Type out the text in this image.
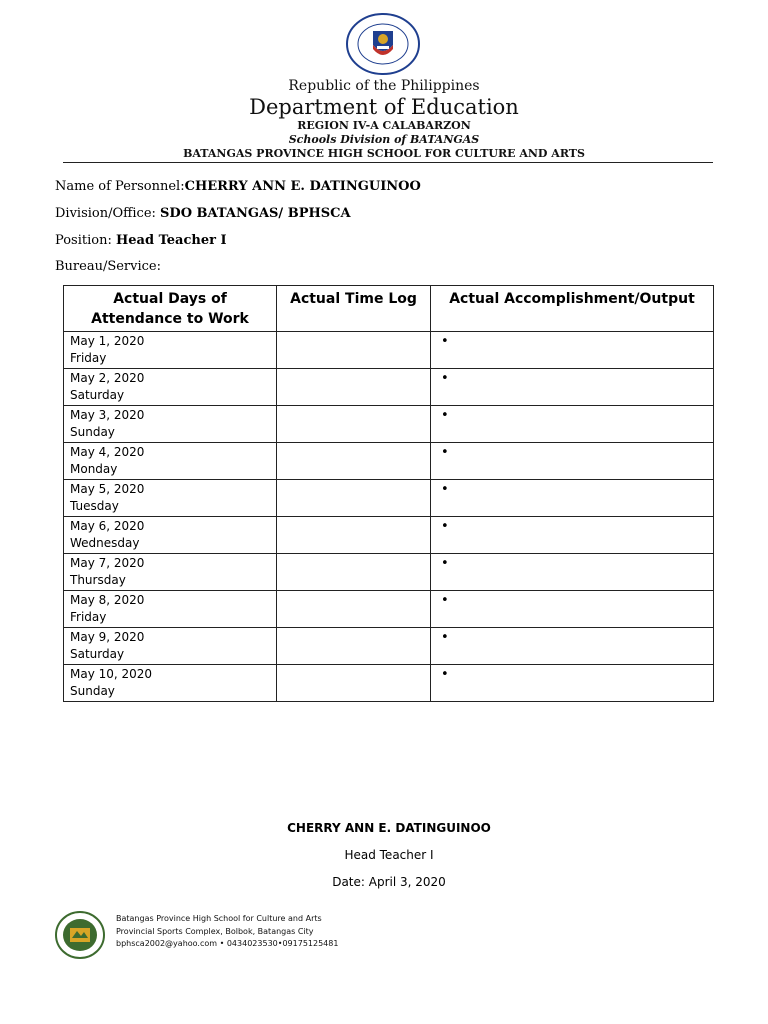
Republic of the Philippines
Department of Education
REGION IV-A CALABARZON
Schools Division of BATANGAS
BATANGAS PROVINCE HIGH SCHOOL FOR CULTURE AND ARTS
Name of Personnel:CHERRY ANN E. DATINGUINOO
Division/Office: SDO BATANGAS/ BPHSCA
Position: Head Teacher I
Bureau/Service:
Actual Days of Attendance to Work	Actual Time Log	Actual Accomplishment/Output

May 1, 2020
Friday		•

May 2, 2020
Saturday		•

May 3, 2020
Sunday		•

May 4, 2020
Monday		•

May 5, 2020
Tuesday		•

May 6, 2020
Wednesday		•

May 7, 2020
Thursday		•

May 8, 2020
Friday		•

May 9, 2020
Saturday		•

May 10, 2020
Sunday		•
CHERRY ANN E. DATINGUINOO
Head Teacher I
Date: April 3, 2020
Batangas Province High School for Culture and Arts
Provincial Sports Complex, Bolbok, Batangas City
bphsca2002@yahoo.com • 0434023530•09175125481
